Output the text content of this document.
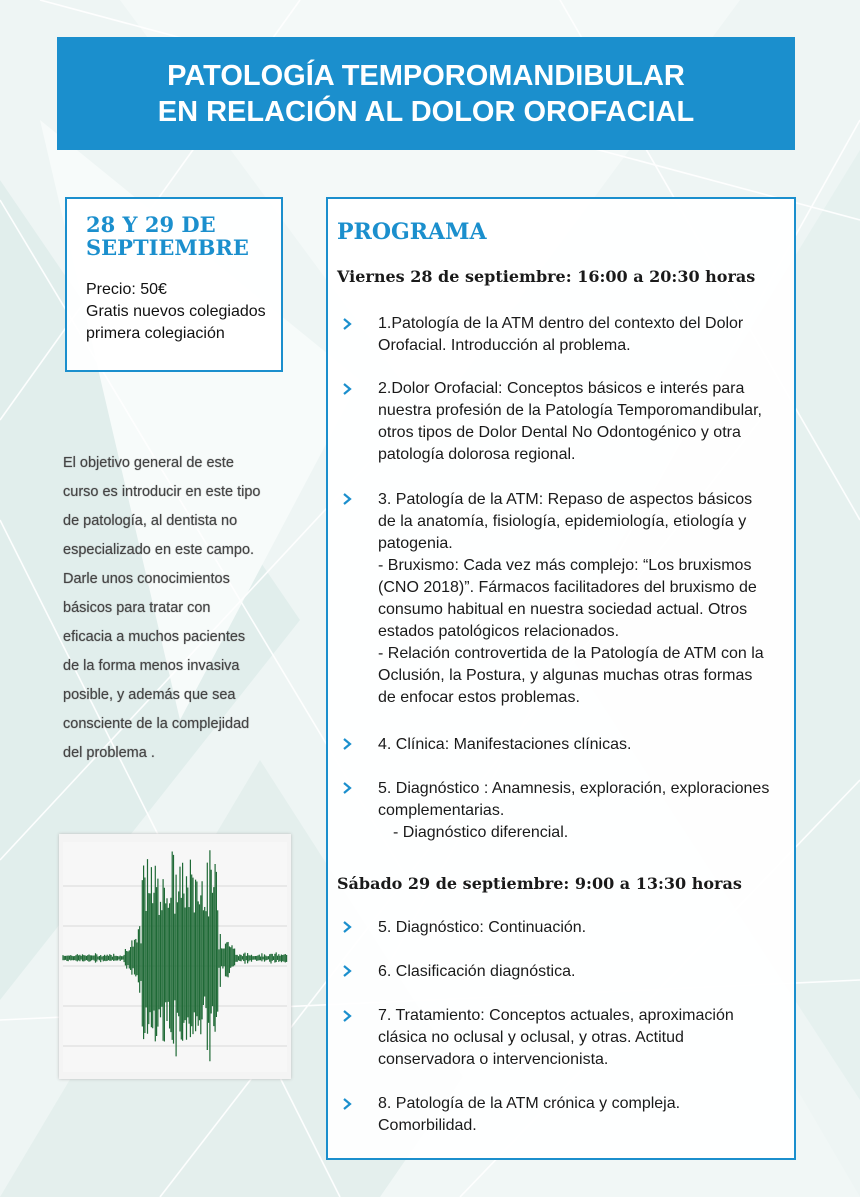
PATOLOGÍA TEMPOROMANDIBULAR
EN RELACIÓN AL DOLOR OROFACIAL
28 Y 29 DE
SEPTIEMBRE
Precio: 50€
Gratis nuevos colegiados
primera colegiación
El objetivo general de este
curso es introducir en este tipo
de patología, al dentista no
especializado en este campo.
Darle unos conocimientos
básicos para tratar con
eficacia a muchos pacientes
de la forma menos invasiva
posible, y además que sea
consciente de la complejidad
del problema .
PROGRAMA
Viernes 28 de septiembre: 16:00 a 20:30 horas
1.Patología de la ATM dentro del contexto del Dolor
Orofacial. Introducción al problema.
2.Dolor Orofacial: Conceptos básicos e interés para
nuestra profesión de la Patología Temporomandibular,
otros tipos de Dolor Dental No Odontogénico y otra
patología dolorosa regional.
3. Patología de la ATM: Repaso de aspectos básicos
de la anatomía, fisiología, epidemiología, etiología y
patogenia.
- Bruxismo: Cada vez más complejo: “Los bruxismos
(CNO 2018)”. Fármacos facilitadores del bruxismo de
consumo habitual en nuestra sociedad actual. Otros
estados patológicos relacionados.
- Relación controvertida de la Patología de ATM con la
Oclusión, la Postura, y algunas muchas otras formas
de enfocar estos problemas.
4. Clínica: Manifestaciones clínicas.
5. Diagnóstico : Anamnesis, exploración, exploraciones
complementarias.
- Diagnóstico diferencial.
Sábado 29 de septiembre: 9:00 a 13:30 horas
5. Diagnóstico: Continuación.
6. Clasificación diagnóstica.
7. Tratamiento: Conceptos actuales, aproximación
clásica no oclusal y oclusal, y otras. Actitud
conservadora o intervencionista.
8. Patología de la ATM crónica y compleja.
Comorbilidad.
